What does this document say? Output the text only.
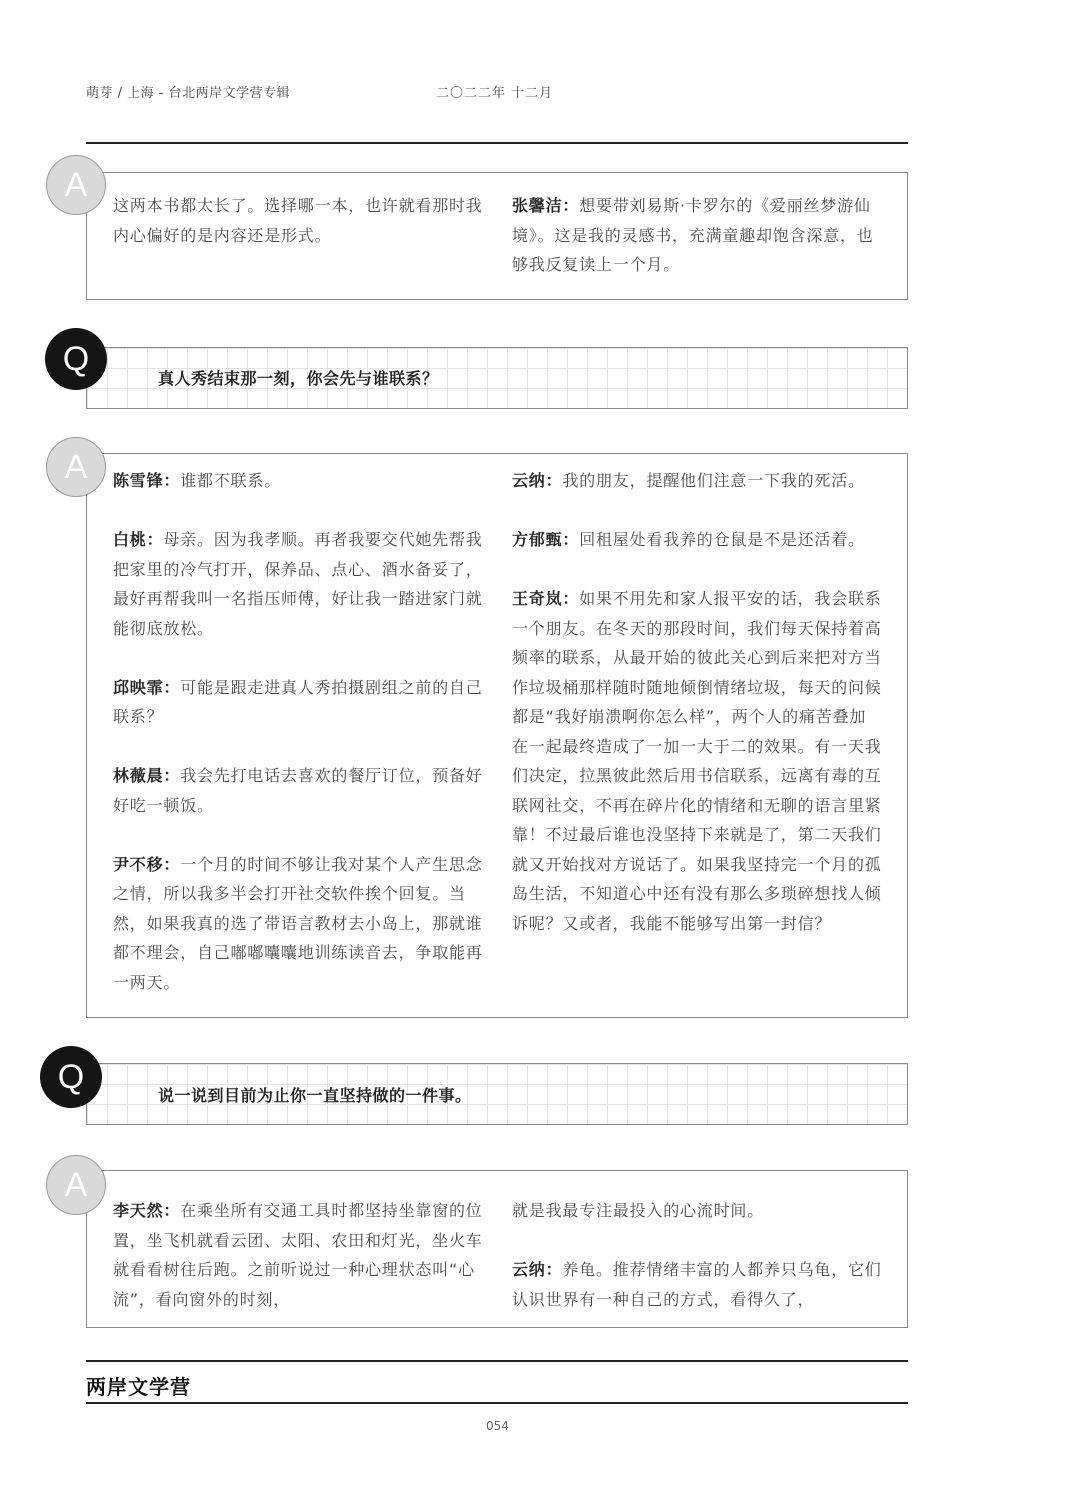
萌芽 / 上海 - 台北两岸文学营专辑	二〇二二年 十二月
A

这两本书都太长了。选择哪一本，也许就看那时我内心偏好的是内容还是形式。

张馨洁：想要带刘易斯·卡罗尔的《爱丽丝梦游仙境》。这是我的灵感书，充满童趣却饱含深意，也够我反复读上一个月。

Q
真人秀结束那一刻，你会先与谁联系？
A	陈雪锋：谁都不联系。

白桃：母亲。因为我孝顺。再者我要交代她先帮我把家里的冷气打开，保养品、点心、酒水备妥了，最好再帮我叫一名指压师傅，好让我一踏进家门就能彻底放松。

邱映霏：可能是跟走进真人秀拍摄剧组之前的自己联系？

林薇晨：我会先打电话去喜欢的餐厅订位，预备好好吃一顿饭。

尹不移：一个月的时间不够让我对某个人产生思念之情，所以我多半会打开社交软件挨个回复。当然，如果我真的选了带语言教材去小岛上，那就谁都不理会，自己嘟嘟囔囔地训练读音去，争取能再一两天。

云纳：我的朋友，提醒他们注意一下我的死活。

方郁甄：回租屋处看我养的仓鼠是不是还活着。

王奇岚：如果不用先和家人报平安的话，我会联系一个朋友。在冬天的那段时间，我们每天保持着高频率的联系，从最开始的彼此关心到后来把对方当作垃圾桶那样随时随地倾倒情绪垃圾，每天的问候都是“我好崩溃啊你怎么样”，两个人的痛苦叠加在一起最终造成了一加一大于二的效果。有一天我们决定，拉黑彼此然后用书信联系，远离有毒的互联网社交，不再在碎片化的情绪和无聊的语言里紧靠！不过最后谁也没坚持下来就是了，第二天我们就又开始找对方说话了。如果我坚持完一个月的孤岛生活，不知道心中还有没有那么多琐碎想找人倾诉呢？又或者，我能不能够写出第一封信？

Q	说一说到目前为止你一直坚持做的一件事。
A

李天然：在乘坐所有交通工具时都坚持坐靠窗的位置，坐飞机就看云团、太阳、农田和灯光，坐火车就看看树往后跑。之前听说过一种心理状态叫“心流”，看向窗外的时刻，

就是我最专注最投入的心流时间。

云纳：养龟。推荐情绪丰富的人都养只乌龟，它们认识世界有一种自己的方式，看得久了，

两岸文学营
054
